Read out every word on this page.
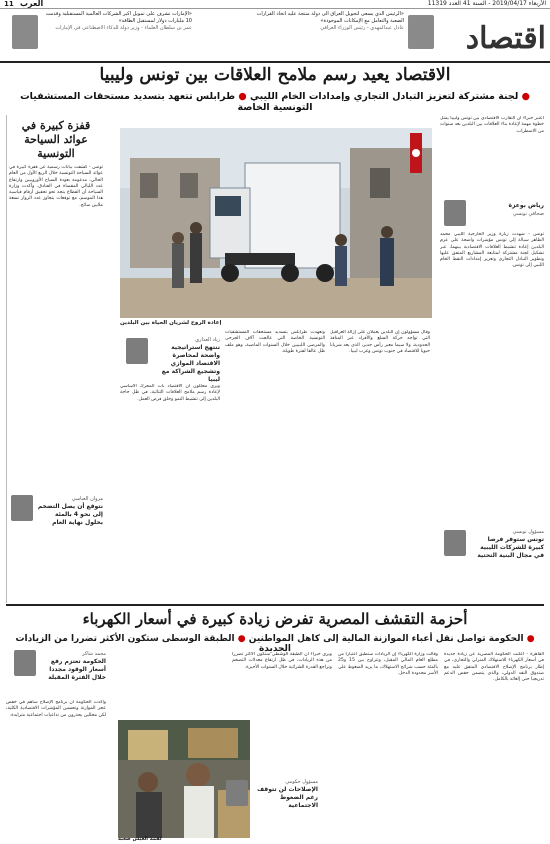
11 العرب	الأربعاء 2019/04/17 - السنة 41 العدد 11319
اقتصاد
«الرئيس الذي يسعى لتحويل العراق الى دولة منتجة عليه اتخاذ القرارات الصعبة والتعامل مع الإمكانات الموجودة»
عادل عبدالمهدي - رئيس الوزراء العراقي
«الإمارات تشرف على تمويل أكبر الشركات العالمية المستقبلية وقدمت 10 مليارات دولار لمستقبل الطاقة»
عمر بن سلطان العلماء - وزير دولة للذكاء الاصطناعي في الإمارات
الاقتصاد يعيد رسم ملامح العلاقات بين تونس وليبيا
● لجنة مشتركة لتعزيز التبادل التجاري وإمدادات الخام الليبي ● طرابلس تتعهد بتسديد مستحقات المستشفيات التونسية الخاصة
إعادة الروح لشريان الحياة بين البلدين
اعتبر خبراء أن التقارب الاقتصادي بين تونس وليبيا يمثل خطوة مهمة لإعادة بناء العلاقات بين البلدين بعد سنوات من الاضطراب.
رياض بوعزة
صحافي تونسي
تونس - شهدت زيارة وزير الخارجية الليبي محمد الطاهر سيالة إلى تونس مؤشرات واضحة على عزم البلدين إعادة تنشيط العلاقات الاقتصادية بينهما، عبر تشكيل لجنة مشتركة لمتابعة المشاريع المتفق عليها وتطوير التبادل التجاري وتعزيز إمدادات النفط الخام الليبي إلى تونس.
وقال مسؤولون إن البلدين يعملان على إزالة العراقيل التي تواجه حركة السلع والأفراد عبر المنافذ الحدودية، ولا سيما معبر رأس جدير، الذي يعد شريانا حيويا للاقتصاد في جنوب تونس وغرب ليبيا.
وتعهدت طرابلس بتسديد مستحقات المستشفيات التونسية الخاصة التي عالجت آلاف الجرحى والمرضى الليبيين خلال السنوات الماضية، وهو ملف ظل عالقا لفترة طويلة.
زياد العذاري
ننتهج استراتيجية واضحة لمحاصرة الاقتصاد الموازي وتشجيع الشراكة مع ليبيا
ويرى محللون أن الاقتصاد بات المحرك الأساسي لإعادة رسم ملامح العلاقات الثنائية، في ظل حاجة البلدين إلى تنشيط النمو وخلق فرص العمل.
مسؤول تونسي
تونس ستوفر فرصا كبيرة للشركات الليبية في مجال البنية التحتية
قفزة كبيرة في عوائد السياحة التونسية
تونس - كشفت بيانات رسمية عن قفزة كبيرة في عوائد السياحة التونسية خلال الربع الأول من العام الحالي، مدعومة بعودة السياح الأوروبيين وارتفاع عدد الليالي المقضاة في الفنادق. وأكدت وزارة السياحة أن القطاع يتجه نحو تحقيق أرقام قياسية هذا الموسم، مع توقعات بتجاوز عدد الزوار تسعة ملايين سائح.
مروان العباسي
نتوقع أن يصل التضخم إلى نحو 4 بالمئة بحلول نهاية العام
أحزمة التقشف المصرية تفرض زيادة كبيرة في أسعار الكهرباء
● الحكومة تواصل نقل أعباء الموازنة المالية إلى كاهل المواطنين ● الطبقة الوسطى ستكون الأكثر تضررا من الزيادات الجديدة
القاهرة - أعلنت الحكومة المصرية عن زيادة جديدة في أسعار الكهرباء للاستهلاك المنزلي والتجاري، في إطار برنامج الإصلاح الاقتصادي المتفق عليه مع صندوق النقد الدولي، والذي يتضمن خفض الدعم تدريجيا حتى إلغائه بالكامل.
وقالت وزارة الكهرباء إن الزيادات ستطبق اعتبارا من مطلع العام المالي المقبل، وتتراوح بين 15 و25 بالمئة حسب شرائح الاستهلاك، ما يزيد الضغوط على الأسر محدودة الدخل.
ويرى خبراء أن الطبقة الوسطى ستكون الأكثر تضررا من هذه الزيادات، في ظل ارتفاع معدلات التضخم وتراجع القدرة الشرائية خلال السنوات الأخيرة.
وأكدت الحكومة أن برنامج الإصلاح ساهم في خفض عجز الموازنة وتحسين المؤشرات الاقتصادية الكلية، لكن محللين يحذرون من تداعيات اجتماعية متزايدة.
لقمة العيش صعبة
محمد شاكر
الحكومة تعتزم رفع أسعار الوقود مجددا خلال الفترة المقبلة
مسؤول حكومي
الإصلاحات لن تتوقف رغم الضغوط الاجتماعية
